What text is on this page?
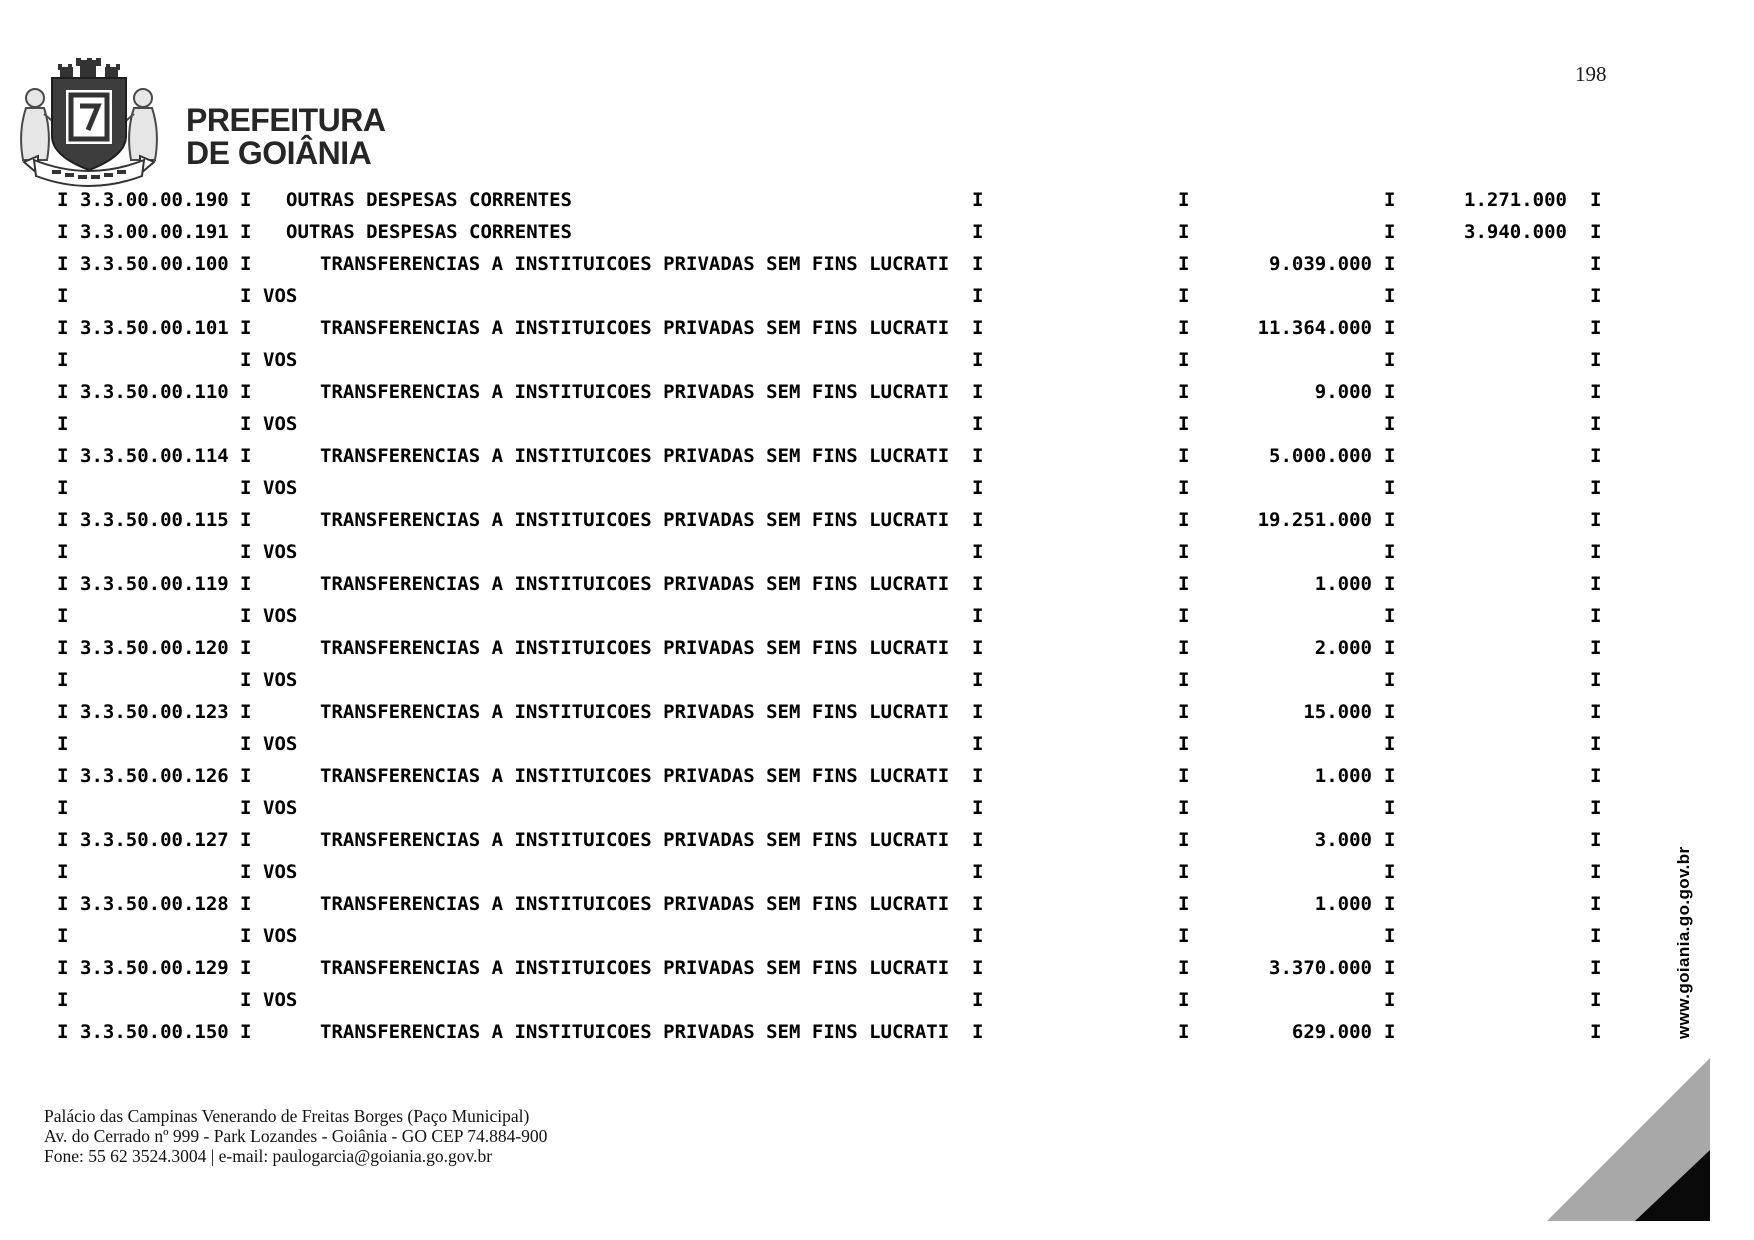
198
PREFEITURA
DE GOIÂNIA
I 3.3.00.00.190 I OUTRAS DESPESAS CORRENTES	I	I	I	1.271.000 I
I 3.3.00.00.191 I OUTRAS DESPESAS CORRENTES	I	I	I	3.940.000 I
I 3.3.50.00.100 I	TRANSFERENCIAS A INSTITUICOES PRIVADAS SEM FINS LUCRATI I	I	9.039.000 I	I
I	I VOS	I	I	I	I
I 3.3.50.00.101 I	TRANSFERENCIAS A INSTITUICOES PRIVADAS SEM FINS LUCRATI I	I	11.364.000 I	I
I	I VOS	I	I	I	I
I 3.3.50.00.110 I	TRANSFERENCIAS A INSTITUICOES PRIVADAS SEM FINS LUCRATI I	I	9.000 I	I
I	I VOS	I	I	I	I
I 3.3.50.00.114 I	TRANSFERENCIAS A INSTITUICOES PRIVADAS SEM FINS LUCRATI I	I	5.000.000 I	I
I	I VOS	I	I	I	I
I 3.3.50.00.115 I	TRANSFERENCIAS A INSTITUICOES PRIVADAS SEM FINS LUCRATI I	I	19.251.000 I	I
I	I VOS	I	I	I	I
I 3.3.50.00.119 I	TRANSFERENCIAS A INSTITUICOES PRIVADAS SEM FINS LUCRATI I	I	1.000 I	I
I	I VOS	I	I	I	I
I 3.3.50.00.120 I	TRANSFERENCIAS A INSTITUICOES PRIVADAS SEM FINS LUCRATI I	I	2.000 I	I
I	I VOS	I	I	I	I
I 3.3.50.00.123 I	TRANSFERENCIAS A INSTITUICOES PRIVADAS SEM FINS LUCRATI I	I	15.000 I	I
I	I VOS	I	I	I	I
I 3.3.50.00.126 I	TRANSFERENCIAS A INSTITUICOES PRIVADAS SEM FINS LUCRATI I	I	1.000 I	I
I	I VOS	I	I	I	I
I 3.3.50.00.127 I	TRANSFERENCIAS A INSTITUICOES PRIVADAS SEM FINS LUCRATI I	I	3.000 I	I
I	I VOS	I	I	I	I
I 3.3.50.00.128 I	TRANSFERENCIAS A INSTITUICOES PRIVADAS SEM FINS LUCRATI I	I	1.000 I	I
I	I VOS	I	I	I	I
I 3.3.50.00.129 I	TRANSFERENCIAS A INSTITUICOES PRIVADAS SEM FINS LUCRATI I	I	3.370.000 I	I
I	I VOS	I	I	I	I
I 3.3.50.00.150 I	TRANSFERENCIAS A INSTITUICOES PRIVADAS SEM FINS LUCRATI I	I	629.000 I	I
Palácio das Campinas Venerando de Freitas Borges (Paço Municipal)
Av. do Cerrado nº 999 - Park Lozandes - Goiânia - GO CEP 74.884-900
Fone: 55 62 3524.3004 | e-mail: paulogarcia@goiania.go.gov.br
www.goiania.go.gov.br
